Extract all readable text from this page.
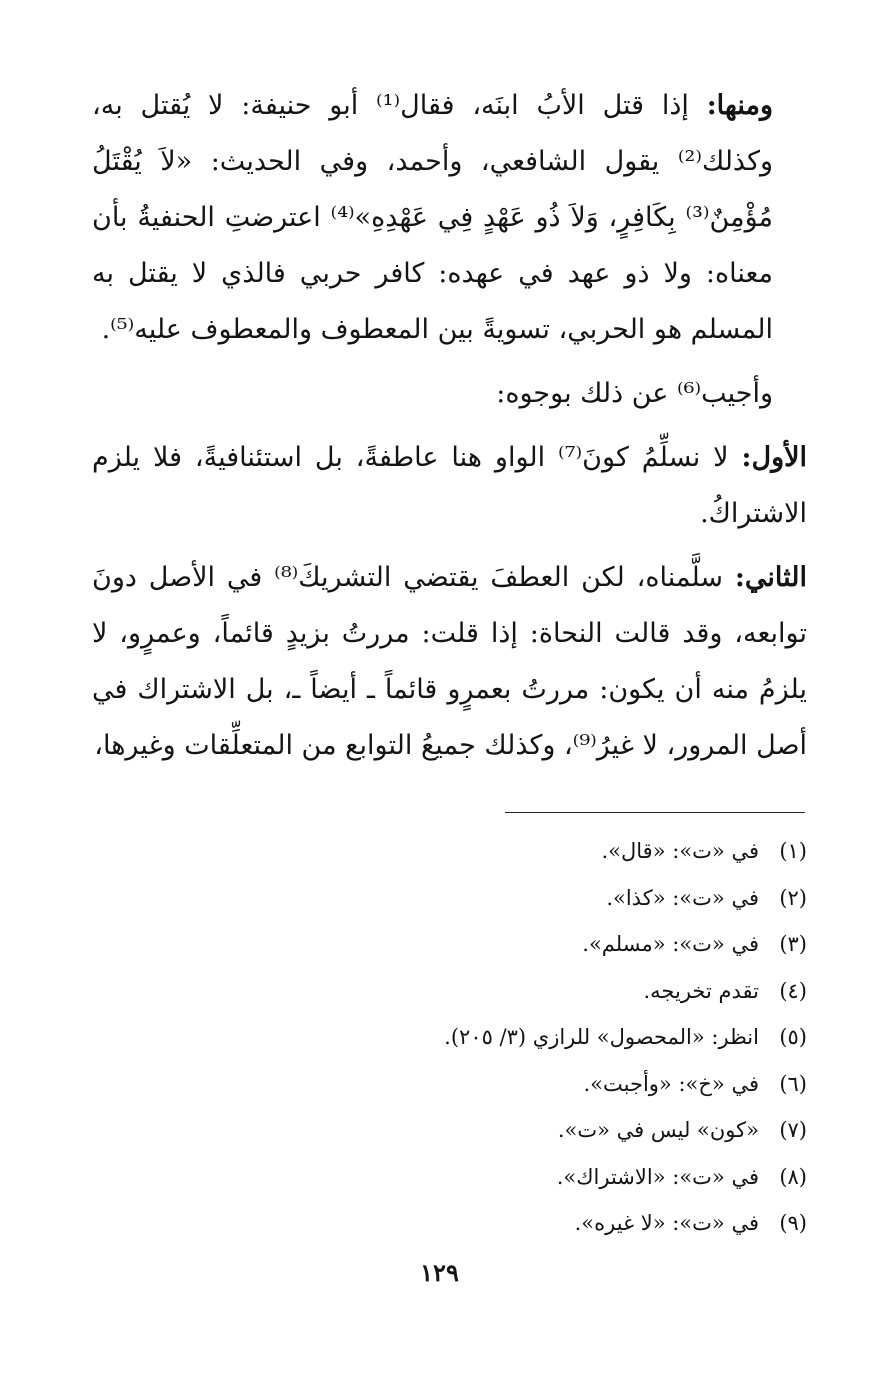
ومنها: إذا قتل الأبُ ابنَه، فقال⁽¹⁾ أبو حنيفة: لا يُقتل به، وكذلك⁽²⁾ يقول الشافعي، وأحمد، وفي الحديث: «لاَ يُقْتَلُ مُؤْمِنٌ⁽³⁾ بِكَافِرٍ، وَلاَ ذُو عَهْدٍ فِي عَهْدِهِ»⁽⁴⁾ اعترضتِ الحنفيةُ بأن معناه: ولا ذو عهد في عهده: كافر حربي فالذي لا يقتل به المسلم هو الحربي، تسويةً بين المعطوف والمعطوف عليه⁽⁵⁾.

وأجيب⁽⁶⁾ عن ذلك بوجوه:

الأول: لا نسلِّمُ كونَ⁽⁷⁾ الواو هنا عاطفةً، بل استئنافيةً، فلا يلزم الاشتراكُ.

الثاني: سلَّمناه، لكن العطفَ يقتضي التشريكَ⁽⁸⁾ في الأصل دونَ توابعه، وقد قالت النحاة: إذا قلت: مررتُ بزيدٍ قائماً، وعمرٍو، لا يلزمُ منه أن يكون: مررتُ بعمرٍو قائماً ـ أيضاً ـ، بل الاشتراك في أصل المرور، لا غيرُ⁽⁹⁾، وكذلك جميعُ التوابع من المتعلِّقات وغيرها،

(١)
في «ت»: «قال».
(٢)
في «ت»: «كذا».
(٣)
في «ت»: «مسلم».
(٤)
تقدم تخريجه.
(٥)
انظر: «المحصول» للرازي (٣/ ٢٠٥).
(٦)
في «خ»: «وأجبت».
(٧)
«كون» ليس في «ت».
(٨)
في «ت»: «الاشتراك».
(٩)
في «ت»: «لا غيره».
١٢٩
